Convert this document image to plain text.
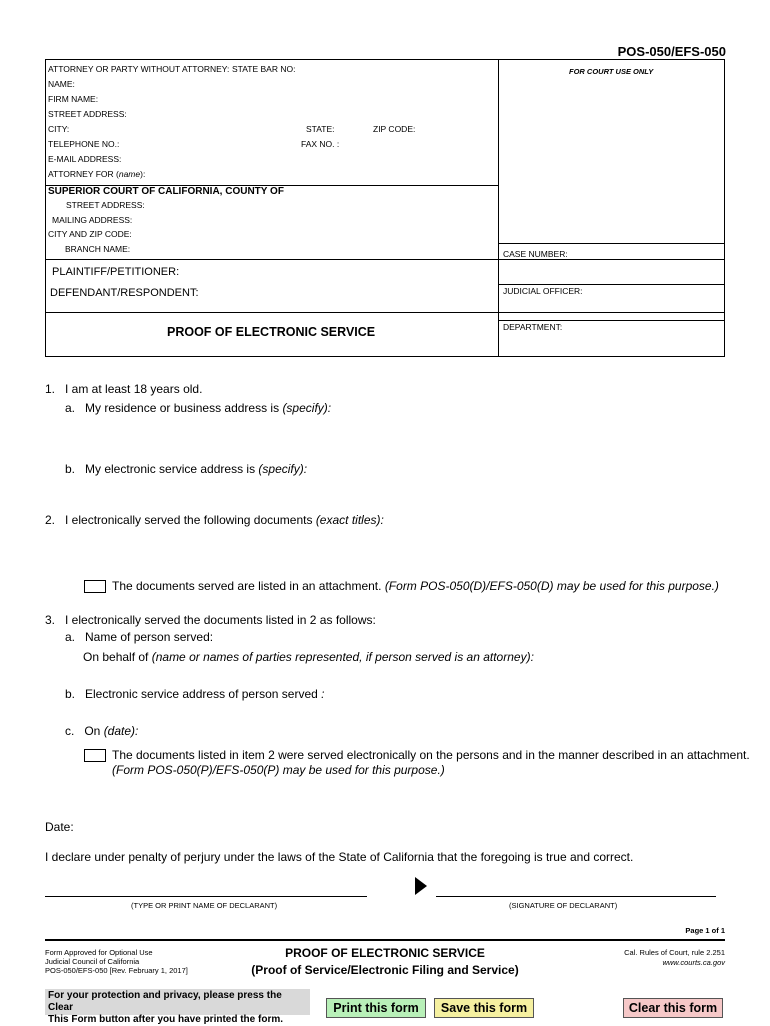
POS-050/EFS-050
ATTORNEY OR PARTY WITHOUT ATTORNEY: STATE BAR NO:	FOR COURT USE ONLY
NAME:
FIRM NAME:
STREET ADDRESS:
CITY:	STATE:	ZIP CODE:
TELEPHONE NO.:	FAX NO. :
E-MAIL ADDRESS:
ATTORNEY FOR (name):
SUPERIOR COURT OF CALIFORNIA, COUNTY OF
STREET ADDRESS:
MAILING ADDRESS:
CITY AND ZIP CODE:
BRANCH NAME:	CASE NUMBER:
PLAINTIFF/PETITIONER:
DEFENDANT/RESPONDENT:	JUDICIAL OFFICER:
PROOF OF ELECTRONIC SERVICE	DEPARTMENT:
1.   I am at least 18 years old.
a.   My residence or business address is (specify):
b.   My electronic service address is (specify):
2.   I electronically served the following documents (exact titles):
The documents served are listed in an attachment. (Form POS-050(D)/EFS-050(D) may be used for this purpose.)
3.   I electronically served the documents listed in 2 as follows:
a.   Name of person served:
On behalf of (name or names of parties represented, if person served is an attorney):
b.   Electronic service address of person served :
c.   On (date):
The documents listed in item 2 were served electronically on the persons and in the manner described in an attachment.
(Form POS-050(P)/EFS-050(P) may be used for this purpose.)
Date:
I declare under penalty of perjury under the laws of the State of California that the foregoing is true and correct.
(TYPE OR PRINT NAME OF DECLARANT)	(SIGNATURE OF DECLARANT)
Page 1 of 1
Form Approved for Optional Use
Judicial Council of California
POS-050/EFS-050 [Rev. February 1, 2017]
PROOF OF ELECTRONIC SERVICE
(Proof of Service/Electronic Filing and Service)
Cal. Rules of Court, rule 2.251
www.courts.ca.gov
For your protection and privacy, please press the Clear
This Form button after you have printed the form.
Print this form	Save this form	Clear this form
